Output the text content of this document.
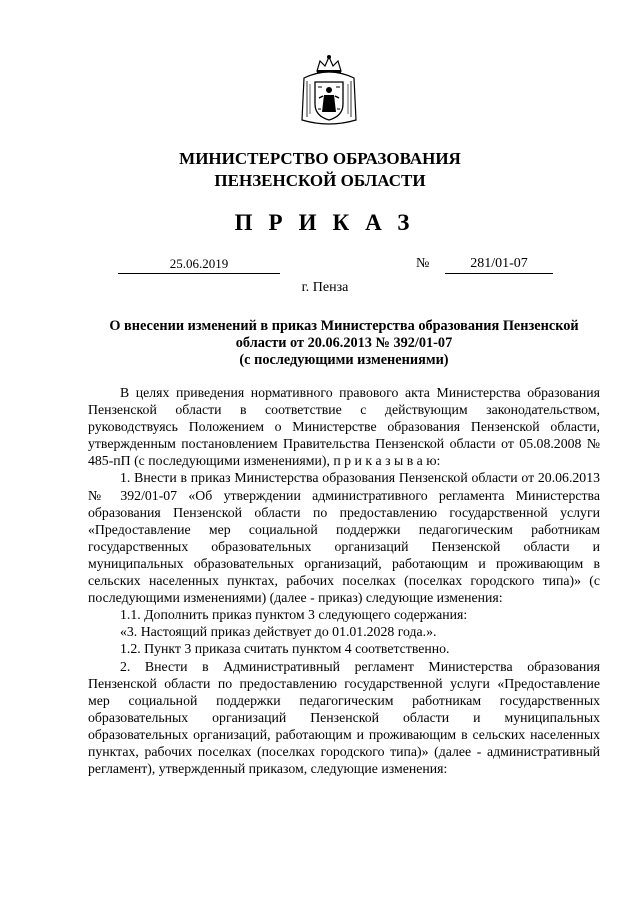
МИНИСТЕРСТВО ОБРАЗОВАНИЯ
ПЕНЗЕНСКОЙ ОБЛАСТИ
ПРИКАЗ
25.06.2019	№	281/01-07
г. Пенза
О внесении изменений в приказ Министерства образования Пензенской
области от 20.06.2013 № 392/01-07
(с последующими изменениями)

В целях приведения нормативного правового акта Министерства образования Пензенской области в соответствие с действующим законодательством, руководствуясь Положением о Министерстве образования Пензенской области, утвержденным постановлением Правительства Пензенской области от 05.08.2008 № 485-пП (с последующими изменениями), п р и к а з ы в а ю:

1. Внести в приказ Министерства образования Пензенской области от 20.06.2013 № 392/01-07 «Об утверждении административного регламента Министерства образования Пензенской области по предоставлению государственной услуги «Предоставление мер социальной поддержки педагогическим работникам государственных образовательных организаций Пензенской области и муниципальных образовательных организаций, работающим и проживающим в сельских населенных пунктах, рабочих поселках (поселках городского типа)» (с последующими изменениями) (далее - приказ) следующие изменения:

1.1. Дополнить приказ пунктом 3 следующего содержания:

«3. Настоящий приказ действует до 01.01.2028 года.».

1.2. Пункт 3 приказа считать пунктом 4 соответственно.

2. Внести в Административный регламент Министерства образования Пензенской области по предоставлению государственной услуги «Предоставление мер социальной поддержки педагогическим работникам государственных образовательных организаций Пензенской области и муниципальных образовательных организаций, работающим и проживающим в сельских населенных пунктах, рабочих поселках (поселках городского типа)» (далее - административный регламент), утвержденный приказом, следующие изменения:
